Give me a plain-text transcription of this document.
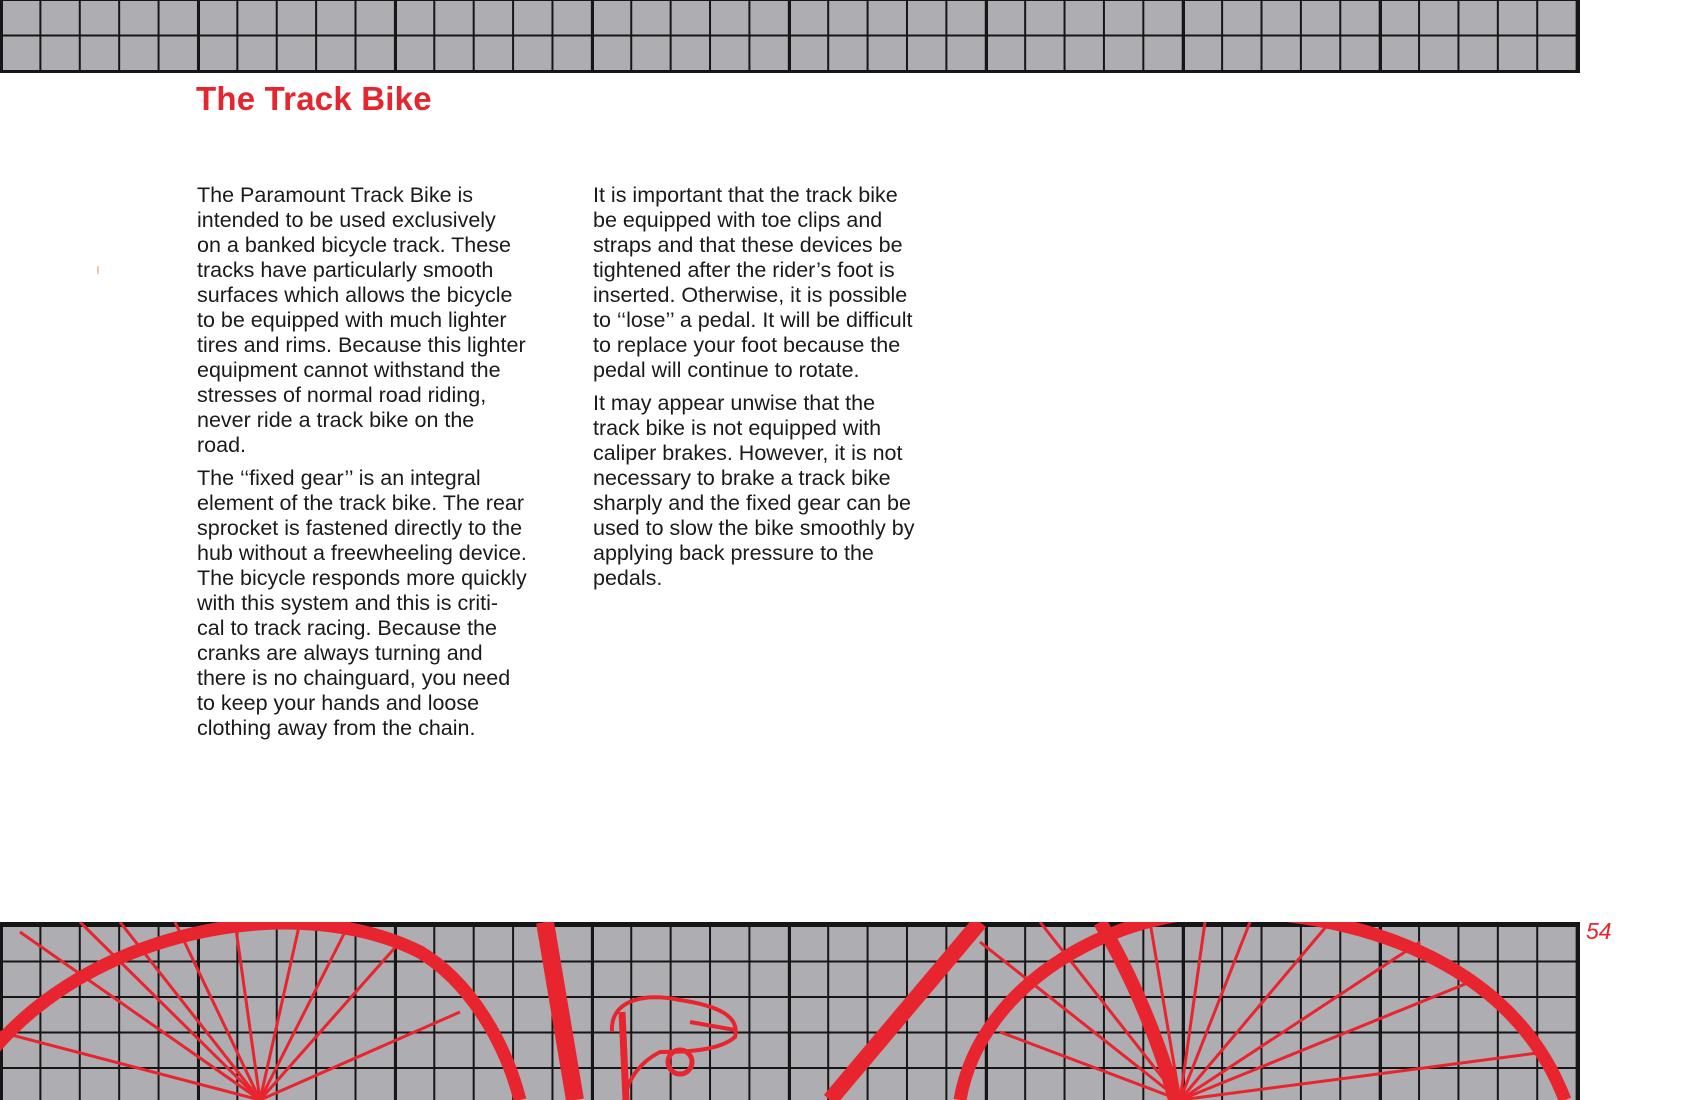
The Track Bike

The Paramount Track Bike is
intended to be used exclusively
on a banked bicycle track. These
tracks have particularly smooth
surfaces which allows the bicycle
to be equipped with much lighter
tires and rims. Because this lighter
equipment cannot withstand the
stresses of normal road riding,
never ride a track bike on the
road.

The ‘‘fixed gear’’ is an integral
element of the track bike. The rear
sprocket is fastened directly to the
hub without a freewheeling device.
The bicycle responds more quickly
with this system and this is criti-
cal to track racing. Because the
cranks are always turning and
there is no chainguard, you need
to keep your hands and loose
clothing away from the chain.

It is important that the track bike
be equipped with toe clips and
straps and that these devices be
tightened after the rider’s foot is
inserted. Otherwise, it is possible
to ‘‘lose’’ a pedal. It will be difficult
to replace your foot because the
pedal will continue to rotate.

It may appear unwise that the
track bike is not equipped with
caliper brakes. However, it is not
necessary to brake a track bike
sharply and the fixed gear can be
used to slow the bike smoothly by
applying back pressure to the
pedals.

54
